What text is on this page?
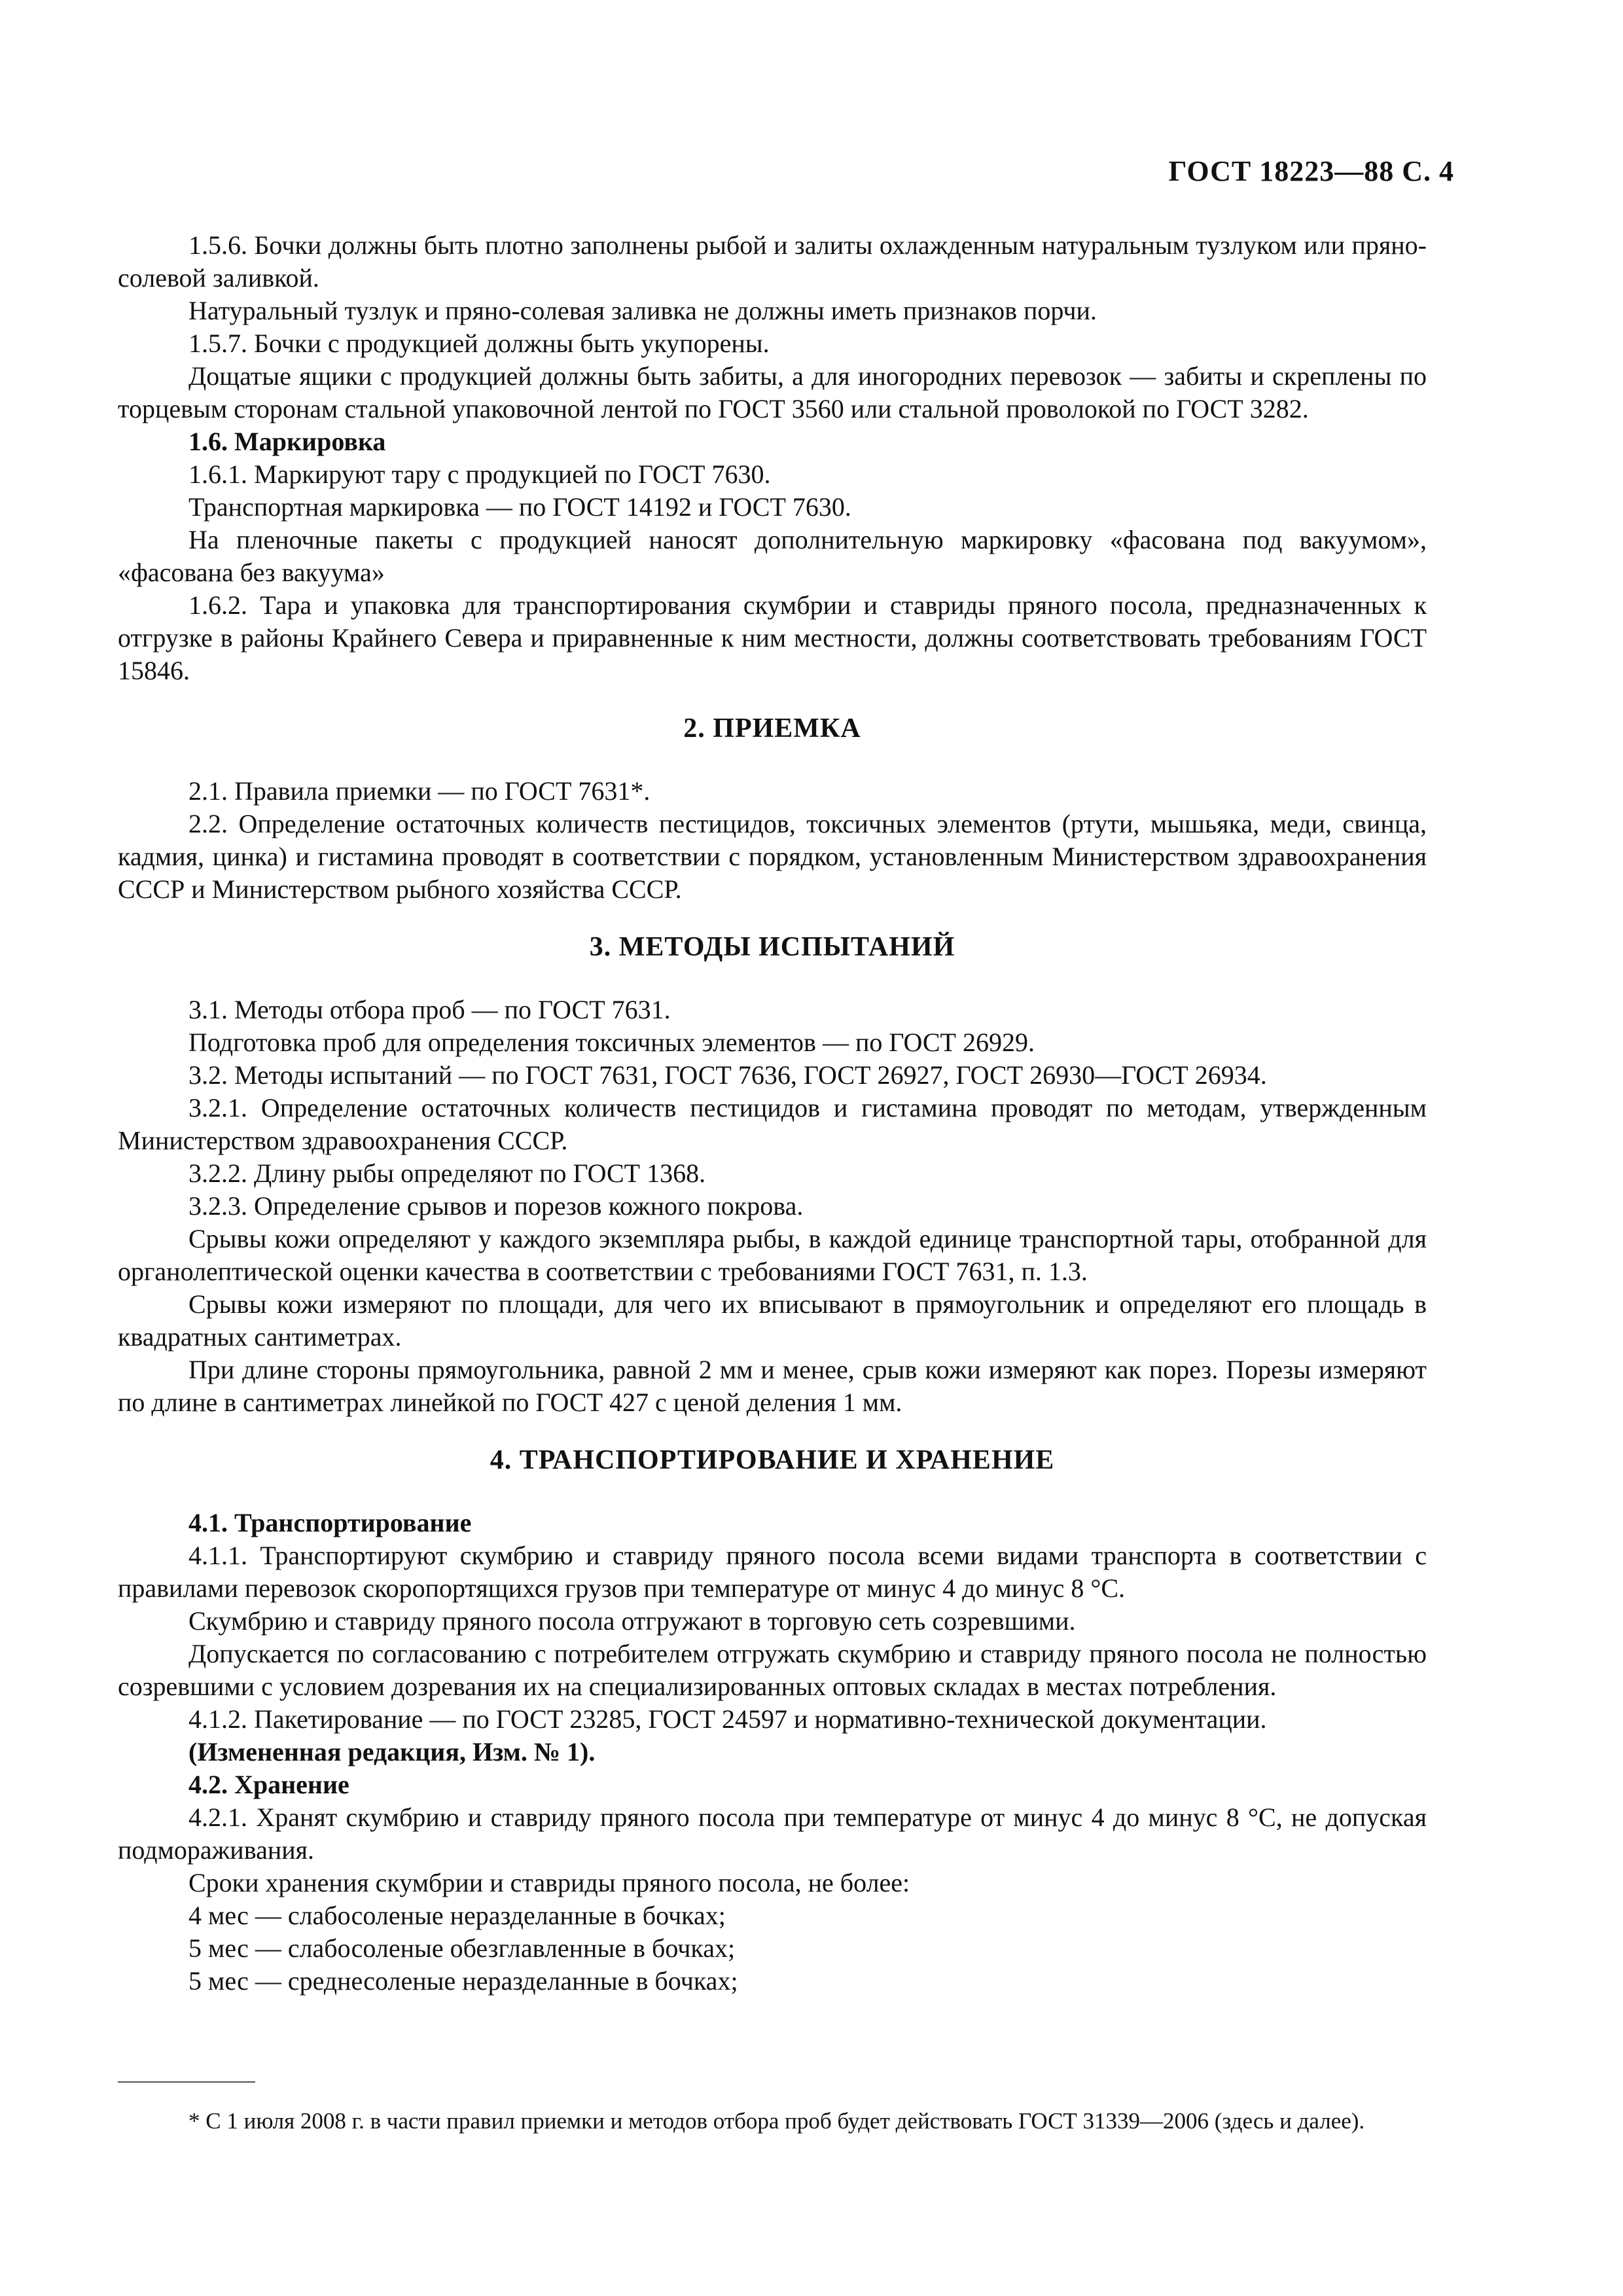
ГОСТ 18223—88 С. 4

1.5.6. Бочки должны быть плотно заполнены рыбой и залиты охлажденным натуральным тузлуком или пряно-солевой заливкой.

Натуральный тузлук и пряно-солевая заливка не должны иметь признаков порчи.

1.5.7. Бочки с продукцией должны быть укупорены.

Дощатые ящики с продукцией должны быть забиты, а для иногородних перевозок — забиты и скреплены по торцевым сторонам стальной упаковочной лентой по ГОСТ 3560 или стальной проволокой по ГОСТ 3282.

1.6. Маркировка

1.6.1. Маркируют тару с продукцией по ГОСТ 7630.

Транспортная маркировка — по ГОСТ 14192 и ГОСТ 7630.

На пленочные пакеты с продукцией наносят дополнительную маркировку «фасована под вакуумом», «фасована без вакуума»

1.6.2. Тара и упаковка для транспортирования скумбрии и ставриды пряного посола, предназначенных к отгрузке в районы Крайнего Севера и приравненные к ним местности, должны соответствовать требованиям ГОСТ 15846.

2. ПРИЕМКА

2.1. Правила приемки — по ГОСТ 7631*.

2.2. Определение остаточных количеств пестицидов, токсичных элементов (ртути, мышьяка, меди, свинца, кадмия, цинка) и гистамина проводят в соответствии с порядком, установленным Министерством здравоохранения СССР и Министерством рыбного хозяйства СССР.

3. МЕТОДЫ ИСПЫТАНИЙ

3.1. Методы отбора проб — по ГОСТ 7631.

Подготовка проб для определения токсичных элементов — по ГОСТ 26929.

3.2. Методы испытаний — по ГОСТ 7631, ГОСТ 7636, ГОСТ 26927, ГОСТ 26930—ГОСТ 26934.

3.2.1. Определение остаточных количеств пестицидов и гистамина проводят по методам, утвержденным Министерством здравоохранения СССР.

3.2.2. Длину рыбы определяют по ГОСТ 1368.

3.2.3. Определение срывов и порезов кожного покрова.

Срывы кожи определяют у каждого экземпляра рыбы, в каждой единице транспортной тары, отобранной для органолептической оценки качества в соответствии с требованиями ГОСТ 7631, п. 1.3.

Срывы кожи измеряют по площади, для чего их вписывают в прямоугольник и определяют его площадь в квадратных сантиметрах.

При длине стороны прямоугольника, равной 2 мм и менее, срыв кожи измеряют как порез. Порезы измеряют по длине в сантиметрах линейкой по ГОСТ 427 с ценой деления 1 мм.

4. ТРАНСПОРТИРОВАНИЕ И ХРАНЕНИЕ

4.1. Транспортирование

4.1.1. Транспортируют скумбрию и ставриду пряного посола всеми видами транспорта в соответствии с правилами перевозок скоропортящихся грузов при температуре от минус 4 до минус 8 °С.

Скумбрию и ставриду пряного посола отгружают в торговую сеть созревшими.

Допускается по согласованию с потребителем отгружать скумбрию и ставриду пряного посола не полностью созревшими с условием дозревания их на специализированных оптовых складах в местах потребления.

4.1.2. Пакетирование — по ГОСТ 23285, ГОСТ 24597 и нормативно-технической документации.

(Измененная редакция, Изм. № 1).

4.2. Хранение

4.2.1. Хранят скумбрию и ставриду пряного посола при температуре от минус 4 до минус 8 °С, не допуская подмораживания.

Сроки хранения скумбрии и ставриды пряного посола, не более:

4 мес — слабосоленые неразделанные в бочках;

5 мес — слабосоленые обезглавленные в бочках;

5 мес — среднесоленые неразделанные в бочках;

* С 1 июля 2008 г. в части правил приемки и методов отбора проб будет действовать ГОСТ 31339—2006 (здесь и далее).
